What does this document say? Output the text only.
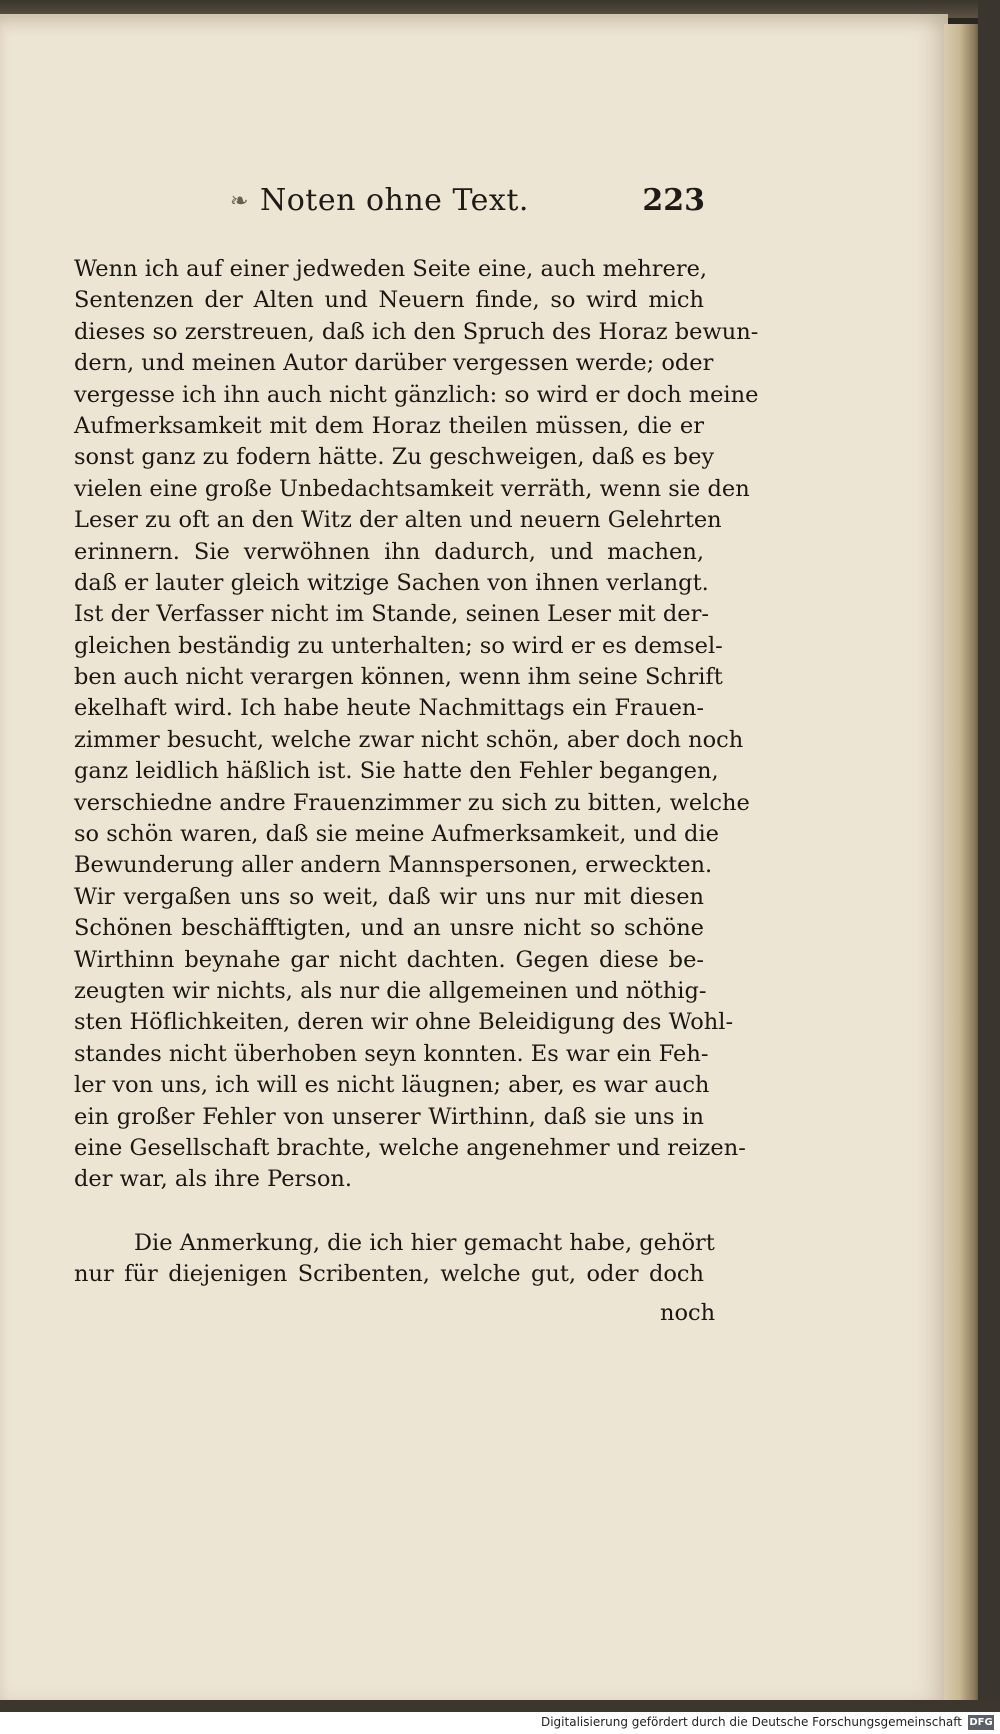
❧ Noten ohne Text.	223
Wenn ich auf einer jedweden Seite eine, auch mehrere,
Sentenzen der Alten und Neuern finde, so wird mich
dieses so zerstreuen, daß ich den Spruch des Horaz bewun-
dern, und meinen Autor darüber vergessen werde; oder
vergesse ich ihn auch nicht gänzlich: so wird er doch meine
Aufmerksamkeit mit dem Horaz theilen müssen, die er
sonst ganz zu fodern hätte. Zu geschweigen, daß es bey
vielen eine große Unbedachtsamkeit verräth, wenn sie den
Leser zu oft an den Witz der alten und neuern Gelehrten
erinnern. Sie verwöhnen ihn dadurch, und machen,
daß er lauter gleich witzige Sachen von ihnen verlangt.
Ist der Verfasser nicht im Stande, seinen Leser mit der-
gleichen beständig zu unterhalten; so wird er es demsel-
ben auch nicht verargen können, wenn ihm seine Schrift
ekelhaft wird. Ich habe heute Nachmittags ein Frauen-
zimmer besucht, welche zwar nicht schön, aber doch noch
ganz leidlich häßlich ist. Sie hatte den Fehler begangen,
verschiedne andre Frauenzimmer zu sich zu bitten, welche
so schön waren, daß sie meine Aufmerksamkeit, und die
Bewunderung aller andern Mannspersonen, erweckten.
Wir vergaßen uns so weit, daß wir uns nur mit diesen
Schönen beschäfftigten, und an unsre nicht so schöne
Wirthinn beynahe gar nicht dachten. Gegen diese be-
zeugten wir nichts, als nur die allgemeinen und nöthig-
sten Höflichkeiten, deren wir ohne Beleidigung des Wohl-
standes nicht überhoben seyn konnten. Es war ein Feh-
ler von uns, ich will es nicht läugnen; aber, es war auch
ein großer Fehler von unserer Wirthinn, daß sie uns in
eine Gesellschaft brachte, welche angenehmer und reizen-
der war, als ihre Person.
Die Anmerkung, die ich hier gemacht habe, gehört
nur für diejenigen Scribenten, welche gut, oder doch
noch
Digitalisierung gefördert durch die Deutsche Forschungsgemeinschaft DFG
